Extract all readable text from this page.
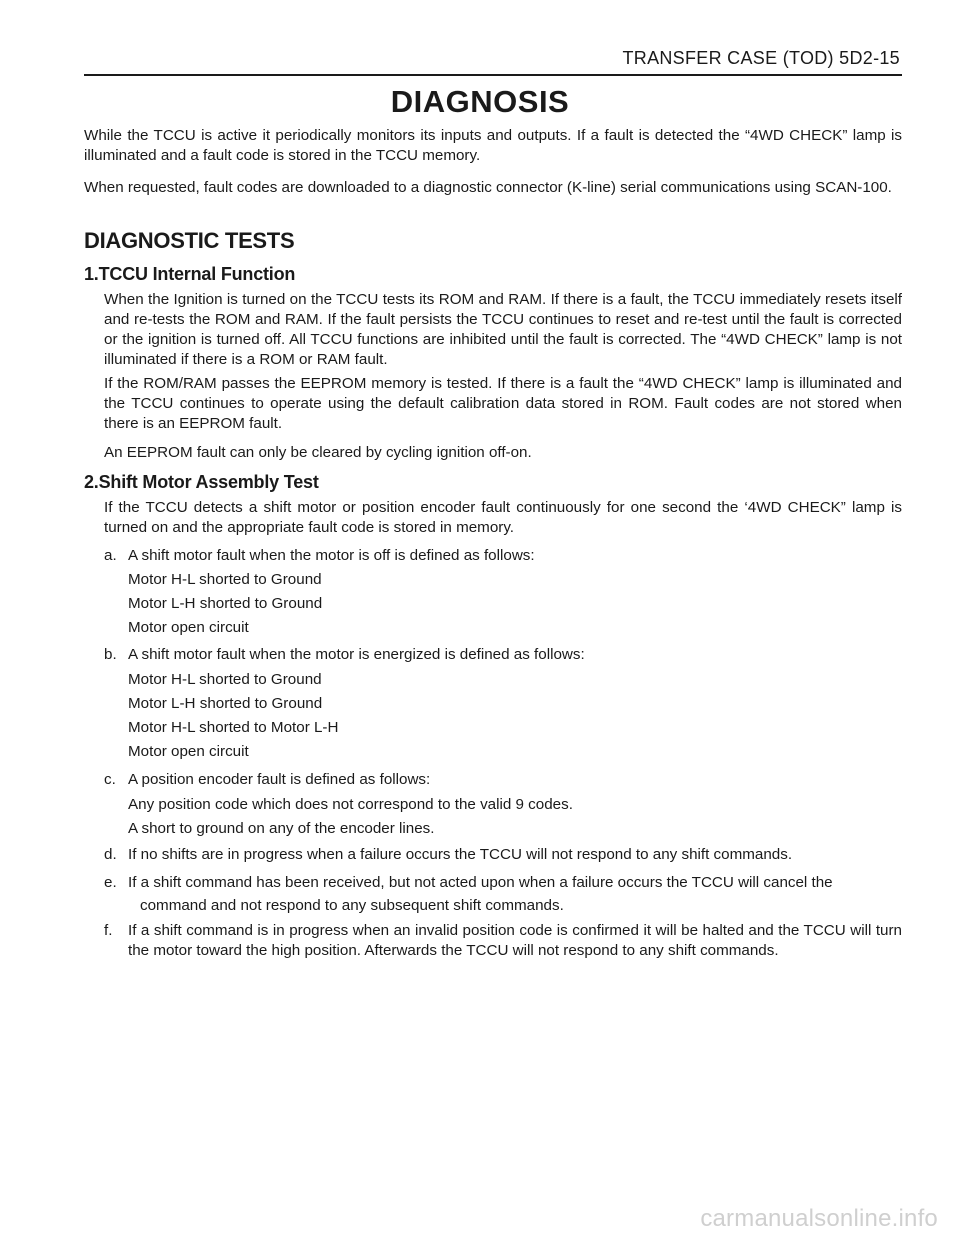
TRANSFER CASE (TOD) 5D2-15
DIAGNOSIS

While the TCCU is active it periodically monitors its inputs and outputs. If a fault is detected the “4WD CHECK” lamp is illuminated and a fault code is stored in the TCCU memory.

When requested, fault codes are downloaded to a diagnostic connector (K-line) serial communications using SCAN-100.

DIAGNOSTIC TESTS
1.TCCU Internal Function

When the Ignition is turned on the TCCU tests its ROM and RAM. If there is a fault, the TCCU immediately resets itself and re-tests the ROM and RAM. If the fault persists the TCCU continues to reset and re-test until the fault is corrected or the ignition is turned off. All TCCU functions are inhibited until the fault is corrected. The “4WD CHECK” lamp is not illuminated if there is a ROM or RAM fault.

If the ROM/RAM passes the EEPROM memory is tested. If there is a fault the “4WD CHECK” lamp is illuminated and the TCCU continues to operate using the default calibration data stored in ROM. Fault codes are not stored when there is an EEPROM fault.

An EEPROM fault can only be cleared by cycling ignition off-on.

2.Shift Motor Assembly Test

If the TCCU detects a shift motor or position encoder fault continuously for one second the ‘4WD CHECK” lamp is turned on and the appropriate fault code is stored in memory.

a. A shift motor fault when the motor is off is defined as follows:
Motor H-L shorted to Ground
Motor L-H shorted to Ground
Motor open circuit
b. A shift motor fault when the motor is energized is defined as follows:
Motor H-L shorted to Ground
Motor L-H shorted to Ground
Motor H-L shorted to Motor L-H
Motor open circuit
c. A position encoder fault is defined as follows:
Any position code which does not correspond to the valid 9 codes.
A short to ground on any of the encoder lines.
d. If no shifts are in progress when a failure occurs the TCCU will not respond to any shift commands.
e. If a shift command has been received, but not acted upon when a failure occurs the TCCU will cancel the
command and not respond to any subsequent shift commands.
f. If a shift command is in progress when an invalid position code is confirmed it will be halted and the TCCU will turn the motor toward the high position. Afterwards the TCCU will not respond to any shift commands.

carmanualsonline.info
